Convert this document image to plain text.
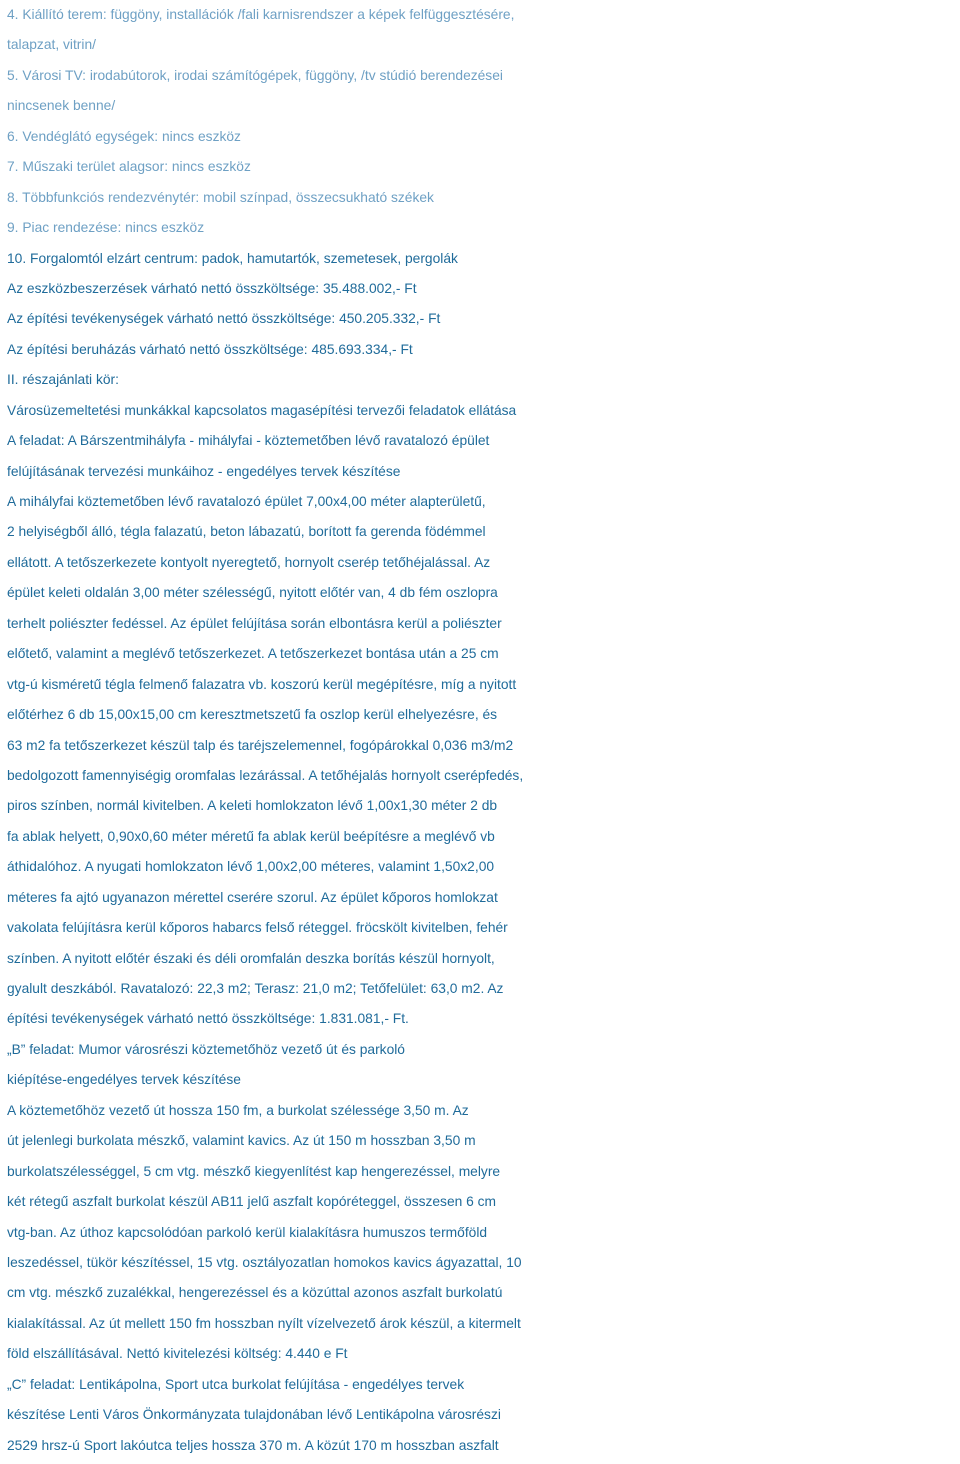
4. Kiállító terem: függöny, installációk /fali karnisrendszer a képek felfüggesztésére,
talapzat, vitrin/
5. Városi TV: irodabútorok, irodai számítógépek, függöny, /tv stúdió berendezései
nincsenek benne/
6. Vendéglátó egységek: nincs eszköz
7. Műszaki terület alagsor: nincs eszköz
8. Többfunkciós rendezvénytér: mobil színpad, összecsukható székek
9. Piac rendezése: nincs eszköz
10. Forgalomtól elzárt centrum: padok, hamutartók, szemetesek, pergolák
Az eszközbeszerzések várható nettó összköltsége: 35.488.002,- Ft
Az építési tevékenységek várható nettó összköltsége: 450.205.332,- Ft
Az építési beruházás várható nettó összköltsége: 485.693.334,- Ft
II. részajánlati kör:
Városüzemeltetési munkákkal kapcsolatos magasépítési tervezői feladatok ellátása
A feladat: A Bárszentmihályfa - mihályfai - köztemetőben lévő ravatalozó épület
felújításának tervezési munkáihoz - engedélyes tervek készítése
A mihályfai köztemetőben lévő ravatalozó épület 7,00x4,00 méter alapterületű,
2 helyiségből álló, tégla falazatú, beton lábazatú, borított fa gerenda födémmel
ellátott. A tetőszerkezete kontyolt nyeregtető, hornyolt cserép tetőhéjalással. Az
épület keleti oldalán 3,00 méter szélességű, nyitott előtér van, 4 db fém oszlopra
terhelt poliészter fedéssel. Az épület felújítása során elbontásra kerül a poliészter
előtető, valamint a meglévő tetőszerkezet. A tetőszerkezet bontása után a 25 cm
vtg-ú kisméretű tégla felmenő falazatra vb. koszorú kerül megépítésre, míg a nyitott
előtérhez 6 db 15,00x15,00 cm keresztmetszetű fa oszlop kerül elhelyezésre, és
63 m2 fa tetőszerkezet készül talp és taréjszelemennel, fogópárokkal 0,036 m3/m2
bedolgozott famennyiségig oromfalas lezárással. A tetőhéjalás hornyolt cserépfedés,
piros színben, normál kivitelben. A keleti homlokzaton lévő 1,00x1,30 méter 2 db
fa ablak helyett, 0,90x0,60 méter méretű fa ablak kerül beépítésre a meglévő vb
áthidalóhoz. A nyugati homlokzaton lévő 1,00x2,00 méteres, valamint 1,50x2,00
méteres fa ajtó ugyanazon mérettel cserére szorul. Az épület kőporos homlokzat
vakolata felújításra kerül kőporos habarcs felső réteggel. fröcskölt kivitelben, fehér
színben. A nyitott előtér északi és déli oromfalán deszka borítás készül hornyolt,
gyalult deszkából. Ravatalozó: 22,3 m2; Terasz: 21,0 m2; Tetőfelület: 63,0 m2. Az
építési tevékenységek várható nettó összköltsége: 1.831.081,- Ft.
„B” feladat: Mumor városrészi köztemetőhöz vezető út és parkoló
kiépítése-engedélyes tervek készítése
A köztemetőhöz vezető út hossza 150 fm, a burkolat szélessége 3,50 m. Az
út jelenlegi burkolata mészkő, valamint kavics. Az út 150 m hosszban 3,50 m
burkolatszélességgel, 5 cm vtg. mészkő kiegyenlítést kap hengerezéssel, melyre
két rétegű aszfalt burkolat készül AB11 jelű aszfalt kopóréteggel, összesen 6 cm
vtg-ban. Az úthoz kapcsolódóan parkoló kerül kialakításra humuszos termőföld
leszedéssel, tükör készítéssel, 15 vtg. osztályozatlan homokos kavics ágyazattal, 10
cm vtg. mészkő zuzalékkal, hengerezéssel és a közúttal azonos aszfalt burkolatú
kialakítással. Az út mellett 150 fm hosszban nyílt vízelvezető árok készül, a kitermelt
föld elszállításával. Nettó kivitelezési költség: 4.440 e Ft
„C” feladat: Lentikápolna, Sport utca burkolat felújítása - engedélyes tervek
készítése Lenti Város Önkormányzata tulajdonában lévő Lentikápolna városrészi
2529 hrsz-ú Sport lakóutca teljes hossza 370 m. A közút 170 m hosszban aszfalt
